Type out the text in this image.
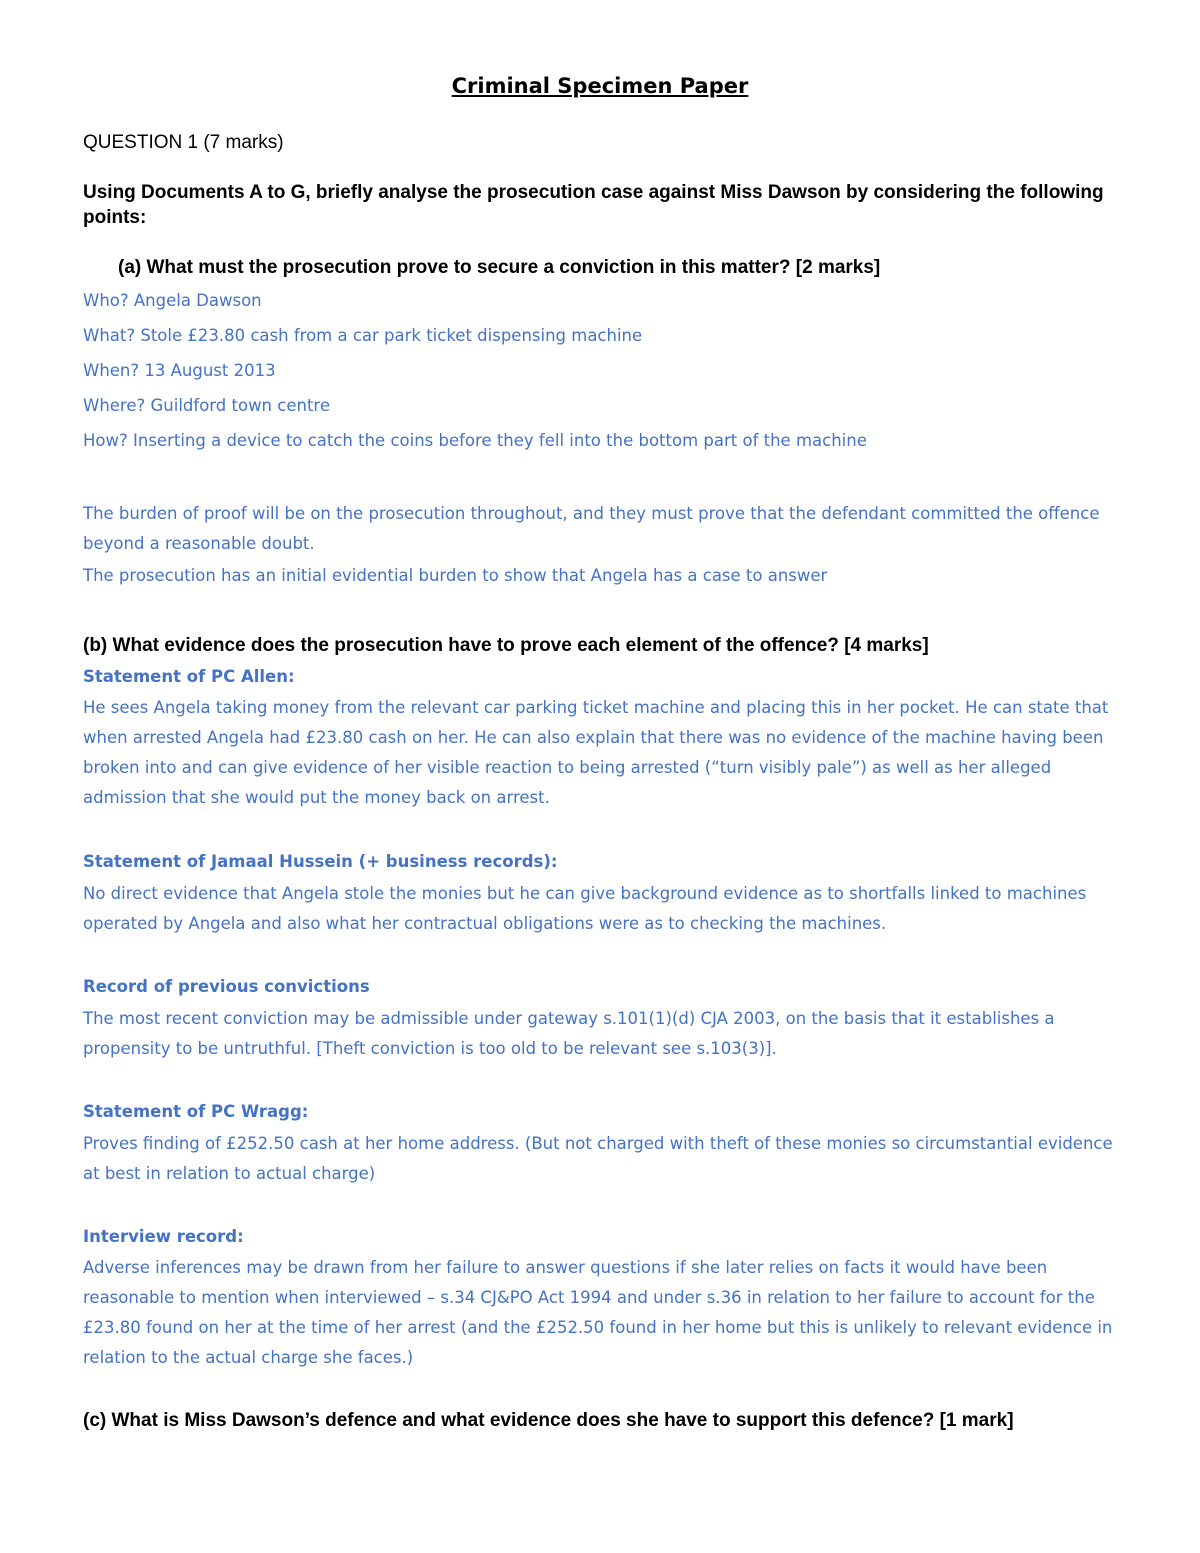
Criminal Specimen Paper
QUESTION 1 (7 marks)
Using Documents A to G, briefly analyse the prosecution case against Miss Dawson by considering the following points:
(a) What must the prosecution prove to secure a conviction in this matter? [2 marks]
Who? Angela Dawson
What? Stole £23.80 cash from a car park ticket dispensing machine
When? 13 August 2013
Where? Guildford town centre
How? Inserting a device to catch the coins before they fell into the bottom part of the machine
The burden of proof will be on the prosecution throughout, and they must prove that the defendant committed the offence beyond a reasonable doubt.
The prosecution has an initial evidential burden to show that Angela has a case to answer
(b) What evidence does the prosecution have to prove each element of the offence? [4 marks]
Statement of PC Allen:
He sees Angela taking money from the relevant car parking ticket machine and placing this in her pocket. He can state that when arrested Angela had £23.80 cash on her. He can also explain that there was no evidence of the machine having been broken into and can give evidence of her visible reaction to being arrested (“turn visibly pale”) as well as her alleged admission that she would put the money back on arrest.
Statement of Jamaal Hussein (+ business records):
No direct evidence that Angela stole the monies but he can give background evidence as to shortfalls linked to machines operated by Angela and also what her contractual obligations were as to checking the machines.
Record of previous convictions
The most recent conviction may be admissible under gateway s.101(1)(d) CJA 2003, on the basis that it establishes a propensity to be untruthful. [Theft conviction is too old to be relevant see s.103(3)].
Statement of PC Wragg:
Proves finding of £252.50 cash at her home address. (But not charged with theft of these monies so circumstantial evidence at best in relation to actual charge)
Interview record:
Adverse inferences may be drawn from her failure to answer questions if she later relies on facts it would have been reasonable to mention when interviewed – s.34 CJ&PO Act 1994 and under s.36 in relation to her failure to account for the £23.80 found on her at the time of her arrest (and the £252.50 found in her home but this is unlikely to relevant evidence in relation to the actual charge she faces.)
(c) What is Miss Dawson’s defence and what evidence does she have to support this defence? [1 mark]
